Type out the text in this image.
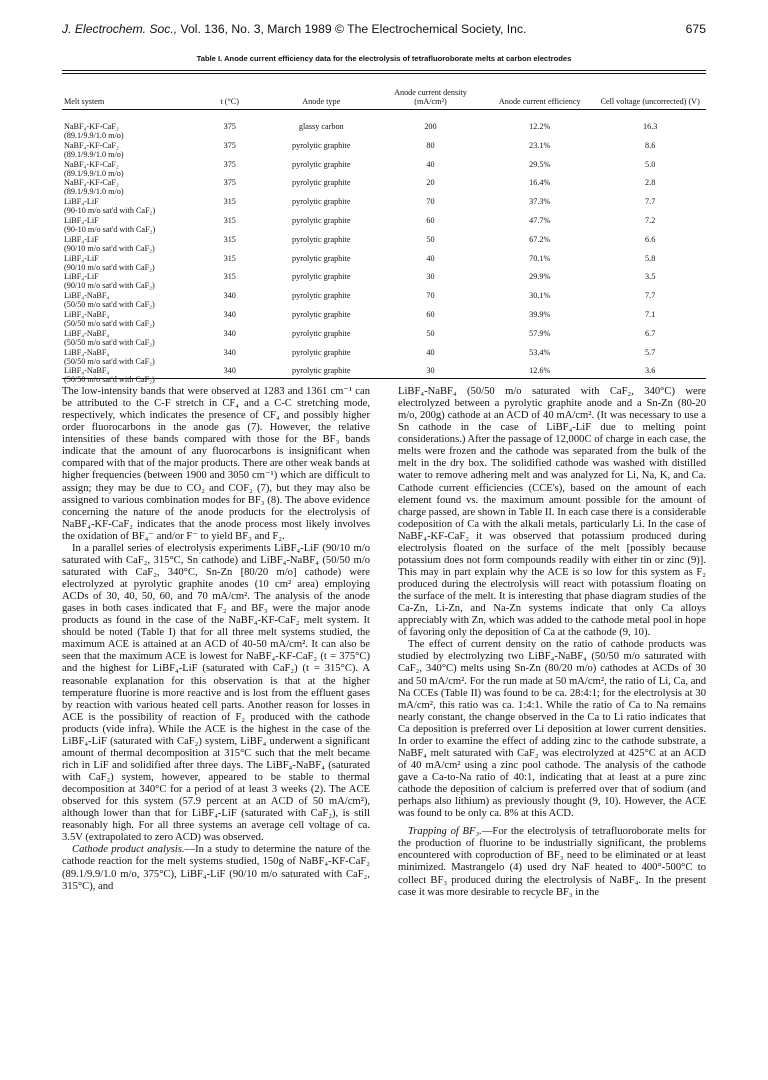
J. Electrochem. Soc., Vol. 136, No. 3, March 1989 © The Electrochemical Society, Inc.	675
Table I. Anode current efficiency data for the electrolysis of tetrafluoroborate melts at carbon electrodes
Melt system	t (°C)	Anode type	Anode current density (mA/cm²)	Anode current efficiency	Cell voltage (uncorrected) (V)

NaBF₄-KF-CaF₂
(89.1/9.9/1.0 m/o)	375	glassy carbon	200	12.2%	16.3

NaBF₄-KF-CaF₂
(89.1/9.9/1.0 m/o)	375	pyrolytic graphite	80	23.1%	8.6

NaBF₄-KF-CaF₂
(89.1/9.9/1.0 m/o)	375	pyrolytic graphite	40	29.5%	5.0

NaBF₄-KF-CaF₂
(89.1/9.9/1.0 m/o)	375	pyrolytic graphite	20	16.4%	2.8

LiBF₄-LiF
(90-10 m/o sat'd with CaF₂)	315	pyrolytic graphite	70	37.3%	7.7

LiBF₄-LiF
(90-10 m/o sat'd with CaF₂)	315	pyrolytic graphite	60	47.7%	7.2

LiBF₄-LiF
(90/10 m/o sat'd with CaF₂)	315	pyrolytic graphite	50	67.2%	6.6

LiBF₄-LiF
(90/10 m/o sat'd with CaF₂)	315	pyrolytic graphite	40	70.1%	5.8

LiBF₄-LiF
(90/10 m/o sat'd with CaF₂)	315	pyrolytic graphite	30	29.9%	3.5

LiBF₄-NaBF₄
(50/50 m/o sat'd with CaF₂)	340	pyrolytic graphite	70	30.1%	7.7

LiBF₄-NaBF₄
(50/50 m/o sat'd with CaF₂)	340	pyrolytic graphite	60	39.9%	7.1

LiBF₄-NaBF₄
(50/50 m/o sat'd with CaF₂)	340	pyrolytic graphite	50	57.9%	6.7

LiBF₄-NaBF₄
(50/50 m/o sat'd with CaF₂)	340	pyrolytic graphite	40	53.4%	5.7

LiBF₄-NaBF₄
(50/50 m/o sat'd with CaF₂)	340	pyrolytic graphite	30	12.6%	3.6

The low-intensity bands that were observed at 1283 and 1361 cm⁻¹ can be attributed to the C-F stretch in CF₄ and a C-C stretching mode, respectively, which indicates the presence of CF₄ and possibly higher order fluorocarbons in the anode gas (7). However, the relative intensities of these bands compared with those for the BF₃ bands indicate that the amount of any fluorocarbons is insignificant when compared with that of the major products. There are other weak bands at higher frequencies (between 1900 and 3050 cm⁻¹) which are difficult to assign; they may be due to CO₂ and COF₂ (7), but they may also be assigned to various combination modes for BF₃ (8). The above evidence concerning the nature of the anode products for the electrolysis of NaBF₄-KF-CaF₂ indicates that the anode process most likely involves the oxidation of BF₄⁻ and/or F⁻ to yield BF₃ and F₂.

In a parallel series of electrolysis experiments LiBF₄-LiF (90/10 m/o saturated with CaF₂, 315°C, Sn cathode) and LiBF₄-NaBF₄ (50/50 m/o saturated with CaF₂, 340°C, Sn-Zn [80/20 m/o] cathode) were electrolyzed at pyrolytic graphite anodes (10 cm² area) employing ACDs of 30, 40, 50, 60, and 70 mA/cm². The analysis of the anode gases in both cases indicated that F₂ and BF₃ were the major anode products as found in the case of the NaBF₄-KF-CaF₂ melt system. It should be noted (Table I) that for all three melt systems studied, the maximum ACE is attained at an ACD of 40-50 mA/cm². It can also be seen that the maximum ACE is lowest for NaBF₄-KF-CaF₂ (t = 375°C) and the highest for LiBF₄-LiF (saturated with CaF₂) (t = 315°C). A reasonable explanation for this observation is that at the higher temperature fluorine is more reactive and is lost from the effluent gases by reaction with various heated cell parts. Another reason for losses in ACE is the possibility of reaction of F₂ produced with the cathode products (vide infra). While the ACE is the highest in the case of the LiBF₄-LiF (saturated with CaF₂) system, LiBF₄ underwent a significant amount of thermal decomposition at 315°C such that the melt became rich in LiF and solidified after three days. The LiBF₄-NaBF₄ (saturated with CaF₂) system, however, appeared to be stable to thermal decomposition at 340°C for a period of at least 3 weeks (2). The ACE observed for this system (57.9 percent at an ACD of 50 mA/cm²), although lower than that for LiBF₄-LiF (saturated with CaF₂), is still reasonably high. For all three systems an average cell voltage of ca. 3.5V (extrapolated to zero ACD) was observed.

Cathode product analysis.—In a study to determine the nature of the cathode reaction for the melt systems studied, 150g of NaBF₄-KF-CaF₂ (89.1/9.9/1.0 m/o, 375°C), LiBF₄-LiF (90/10 m/o saturated with CaF₂, 315°C), and

LiBF₄-NaBF₄ (50/50 m/o saturated with CaF₂, 340°C) were electrolyzed between a pyrolytic graphite anode and a Sn-Zn (80-20 m/o, 200g) cathode at an ACD of 40 mA/cm². (It was necessary to use a Sn cathode in the case of LiBF₄-LiF due to melting point considerations.) After the passage of 12,000C of charge in each case, the melts were frozen and the cathode was separated from the bulk of the melt in the dry box. The solidified cathode was washed with distilled water to remove adhering melt and was analyzed for Li, Na, K, and Ca. Cathode current efficiencies (CCE's), based on the amount of each element found vs. the maximum amount possible for the amount of charge passed, are shown in Table II. In each case there is a considerable codeposition of Ca with the alkali metals, particularly Li. In the case of NaBF₄-KF-CaF₂ it was observed that potassium produced during electrolysis floated on the surface of the melt [possibly because potassium does not form compounds readily with either tin or zinc (9)]. This may in part explain why the ACE is so low for this system as F₂ produced during the electrolysis will react with potassium floating on the surface of the melt. It is interesting that phase diagram studies of the Ca-Zn, Li-Zn, and Na-Zn systems indicate that only Ca alloys appreciably with Zn, which was added to the cathode metal pool in hope of favoring only the deposition of Ca at the cathode (9, 10).

The effect of current density on the ratio of cathode products was studied by electrolyzing two LiBF₄-NaBF₄ (50/50 m/o saturated with CaF₂, 340°C) melts using Sn-Zn (80/20 m/o) cathodes at ACDs of 30 and 50 mA/cm². For the run made at 50 mA/cm², the ratio of Li, Ca, and Na CCEs (Table II) was found to be ca. 28:4:1; for the electrolysis at 30 mA/cm², this ratio was ca. 1:4:1. While the ratio of Ca to Na remains nearly constant, the change observed in the Ca to Li ratio indicates that Ca deposition is preferred over Li deposition at lower current densities. In order to examine the effect of adding zinc to the cathode substrate, a NaBF₄ melt saturated with CaF₂ was electrolyzed at 425°C at an ACD of 40 mA/cm² using a zinc pool cathode. The analysis of the cathode gave a Ca-to-Na ratio of 40:1, indicating that at least at a pure zinc cathode the deposition of calcium is preferred over that of sodium (and perhaps also lithium) as previously thought (9, 10). However, the ACE was found to be only ca. 8% at this ACD.

Trapping of BF₃.—For the electrolysis of tetrafluoroborate melts for the production of fluorine to be industrially significant, the problems encountered with coproduction of BF₃ need to be eliminated or at least minimized. Mastrangelo (4) used dry NaF heated to 400°-500°C to collect BF₃ produced during the electrolysis of NaBF₄. In the present case it was more desirable to recycle BF₃ in the
